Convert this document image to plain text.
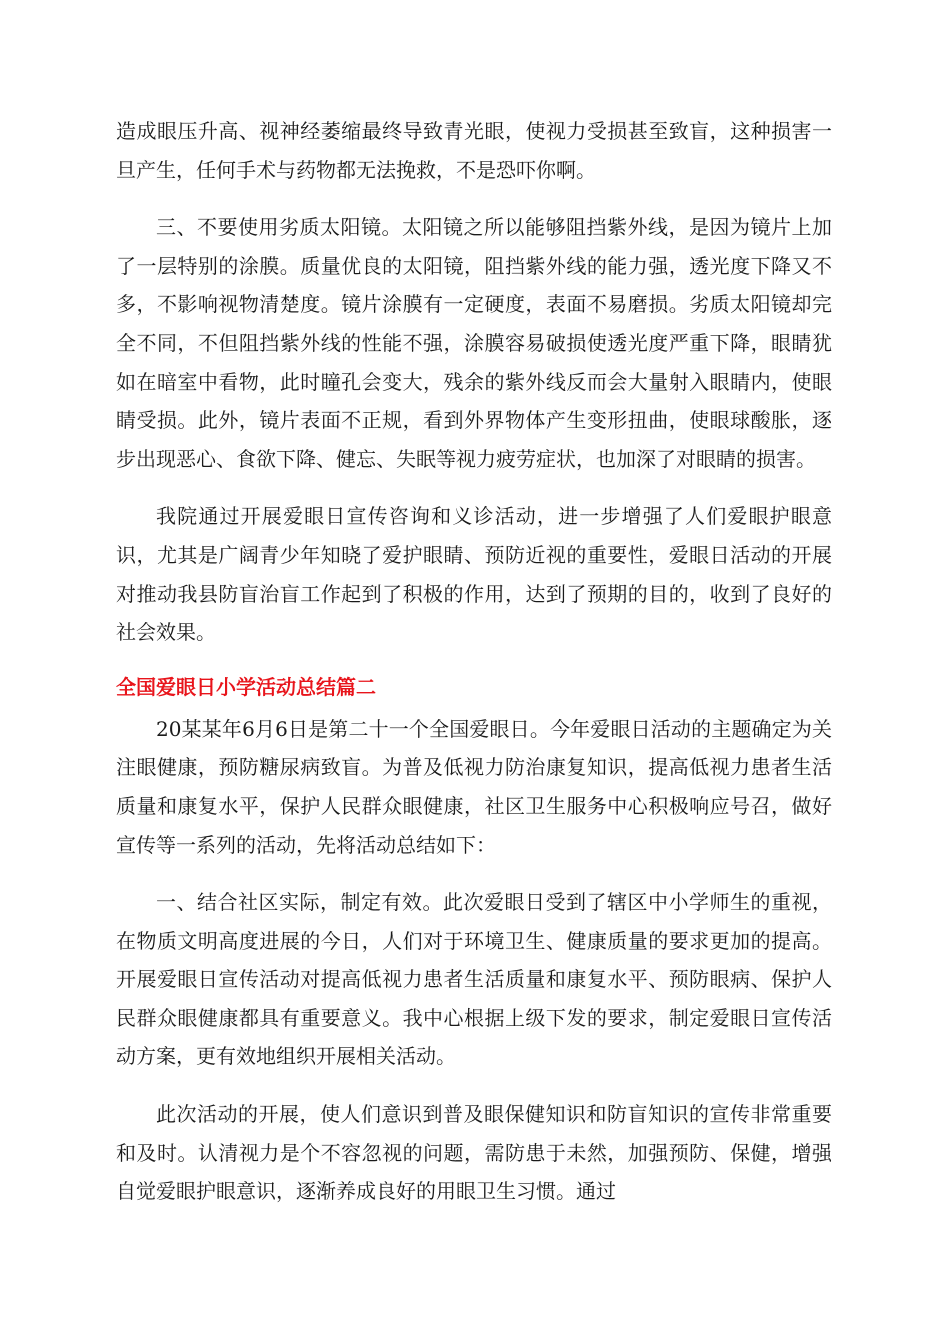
造成眼压升高、视神经萎缩最终导致青光眼，使视力受损甚至致盲，这种损害一旦产生，任何手术与药物都无法挽救，不是恐吓你啊。

三、不要使用劣质太阳镜。太阳镜之所以能够阻挡紫外线，是因为镜片上加了一层特别的涂膜。质量优良的太阳镜，阻挡紫外线的能力强，透光度下降又不多，不影响视物清楚度。镜片涂膜有一定硬度，表面不易磨损。劣质太阳镜却完全不同，不但阻挡紫外线的性能不强，涂膜容易破损使透光度严重下降，眼睛犹如在暗室中看物，此时瞳孔会变大，残余的紫外线反而会大量射入眼睛内，使眼睛受损。此外，镜片表面不正规，看到外界物体产生变形扭曲，使眼球酸胀，逐步出现恶心、食欲下降、健忘、失眠等视力疲劳症状，也加深了对眼睛的损害。

我院通过开展爱眼日宣传咨询和义诊活动，进一步增强了人们爱眼护眼意识，尤其是广阔青少年知晓了爱护眼睛、预防近视的重要性，爱眼日活动的开展对推动我县防盲治盲工作起到了积极的作用，达到了预期的目的，收到了良好的社会效果。

全国爱眼日小学活动总结篇二

20某某年6月6日是第二十一个全国爱眼日。今年爱眼日活动的主题确定为关注眼健康，预防糖尿病致盲。为普及低视力防治康复知识，提高低视力患者生活质量和康复水平，保护人民群众眼健康，社区卫生服务中心积极响应号召，做好宣传等一系列的活动，先将活动总结如下：

一、结合社区实际，制定有效。此次爱眼日受到了辖区中小学师生的重视，在物质文明高度进展的今日，人们对于环境卫生、健康质量的要求更加的提高。开展爱眼日宣传活动对提高低视力患者生活质量和康复水平、预防眼病、保护人民群众眼健康都具有重要意义。我中心根据上级下发的要求，制定爱眼日宣传活动方案，更有效地组织开展相关活动。

此次活动的开展，使人们意识到普及眼保健知识和防盲知识的宣传非常重要和及时。认清视力是个不容忽视的问题，需防患于未然，加强预防、保健，增强自觉爱眼护眼意识，逐渐养成良好的用眼卫生习惯。通过
